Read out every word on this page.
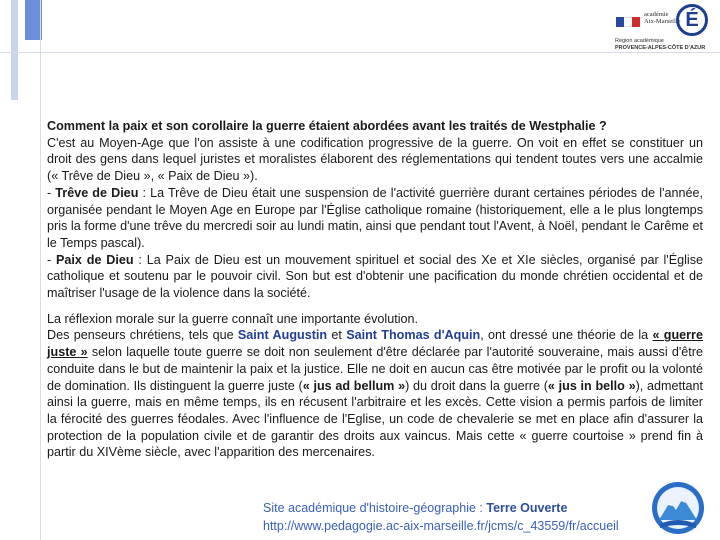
académie
Aix-Marseille É
Région académique
PROVENCE-ALPES-CÔTE D'AZUR

Comment la paix et son corollaire la guerre étaient abordées avant les traités de Westphalie ?
C'est au Moyen-Age que l'on assiste à une codification progressive de la guerre. On voit en effet se constituer un droit des gens dans lequel juristes et moralistes élaborent des réglementations qui tendent toutes vers une accalmie (« Trêve de Dieu », « Paix de Dieu »).
- Trêve de Dieu : La Trêve de Dieu était une suspension de l'activité guerrière durant certaines périodes de l'année, organisée pendant le Moyen Age en Europe par l'Église catholique romaine (historiquement, elle a le plus longtemps pris la forme d'une trêve du mercredi soir au lundi matin, ainsi que pendant tout l'Avent, à Noël, pendant le Carême et le Temps pascal).
- Paix de Dieu : La Paix de Dieu est un mouvement spirituel et social des Xe et XIe siècles, organisé par l'Église catholique et soutenu par le pouvoir civil. Son but est d'obtenir une pacification du monde chrétien occidental et de maîtriser l'usage de la violence dans la société.

La réflexion morale sur la guerre connaît une importante évolution.
Des penseurs chrétiens, tels que Saint Augustin et Saint Thomas d'Aquin, ont dressé une théorie de la « guerre juste » selon laquelle toute guerre se doit non seulement d'être déclarée par l'autorité souveraine, mais aussi d'être conduite dans le but de maintenir la paix et la justice. Elle ne doit en aucun cas être motivée par le profit ou la volonté de domination. Ils distinguent la guerre juste (« jus ad bellum ») du droit dans la guerre (« jus in bello »), admettant ainsi la guerre, mais en même temps, ils en récusent l'arbitraire et les excès. Cette vision a permis parfois de limiter la férocité des guerres féodales. Avec l'influence de l'Eglise, un code de chevalerie se met en place afin d'assurer la protection de la population civile et de garantir des droits aux vaincus. Mais cette « guerre courtoise » prend fin à partir du XIVème siècle, avec l'apparition des mercenaires.

Site académique d'histoire-géographie : Terre Ouverte
http://www.pedagogie.ac-aix-marseille.fr/jcms/c_43559/fr/accueil
